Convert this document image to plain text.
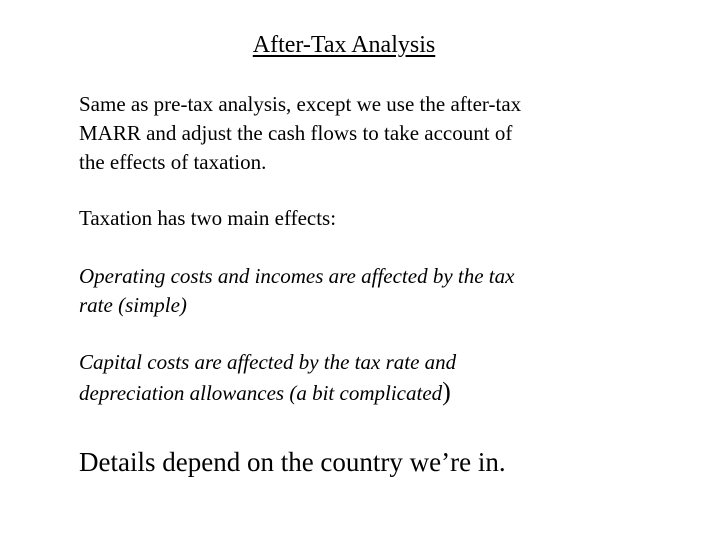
After-Tax Analysis
Same as pre-tax analysis, except we use the after-tax
MARR and adjust the cash flows to take account of
the effects of taxation.
Taxation has two main effects:
Operating costs and incomes are affected by the tax
rate (simple)
Capital costs are affected by the tax rate and
depreciation allowances (a bit complicated)
Details depend on the country we’re in.
